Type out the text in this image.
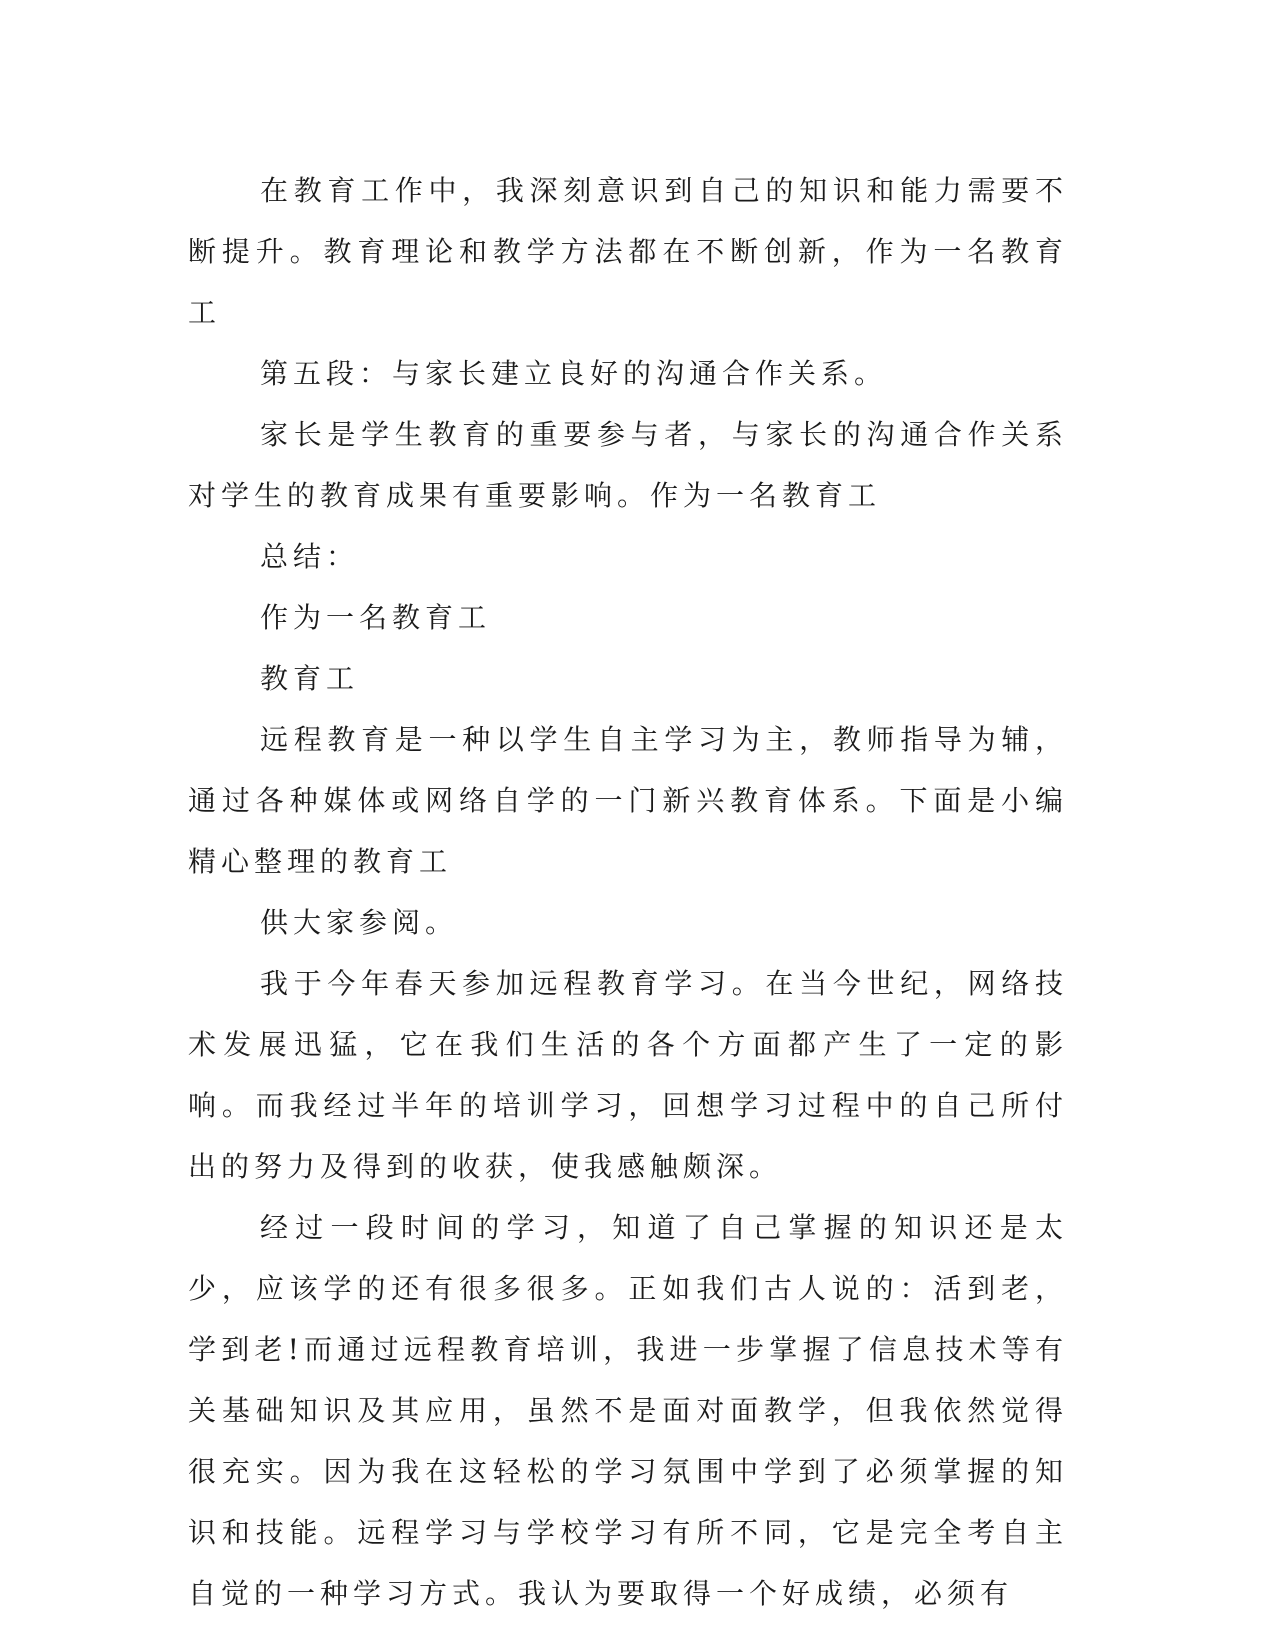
在教育工作中，我深刻意识到自己的知识和能力需要不断提升。教育理论和教学方法都在不断创新，作为一名教育工

第五段：与家长建立良好的沟通合作关系。

家长是学生教育的重要参与者，与家长的沟通合作关系对学生的教育成果有重要影响。作为一名教育工

总结：

作为一名教育工

教育工

远程教育是一种以学生自主学习为主，教师指导为辅，通过各种媒体或网络自学的一门新兴教育体系。下面是小编精心整理的教育工

供大家参阅。

我于今年春天参加远程教育学习。在当今世纪，网络技术发展迅猛，它在我们生活的各个方面都产生了一定的影响。而我经过半年的培训学习，回想学习过程中的自己所付出的努力及得到的收获，使我感触颇深。

经过一段时间的学习，知道了自己掌握的知识还是太少，应该学的还有很多很多。正如我们古人说的：活到老，学到老!而通过远程教育培训，我进一步掌握了信息技术等有关基础知识及其应用，虽然不是面对面教学，但我依然觉得很充实。因为我在这轻松的学习氛围中学到了必须掌握的知识和技能。远程学习与学校学习有所不同，它是完全考自主自觉的一种学习方式。我认为要取得一个好成绩，必须有
